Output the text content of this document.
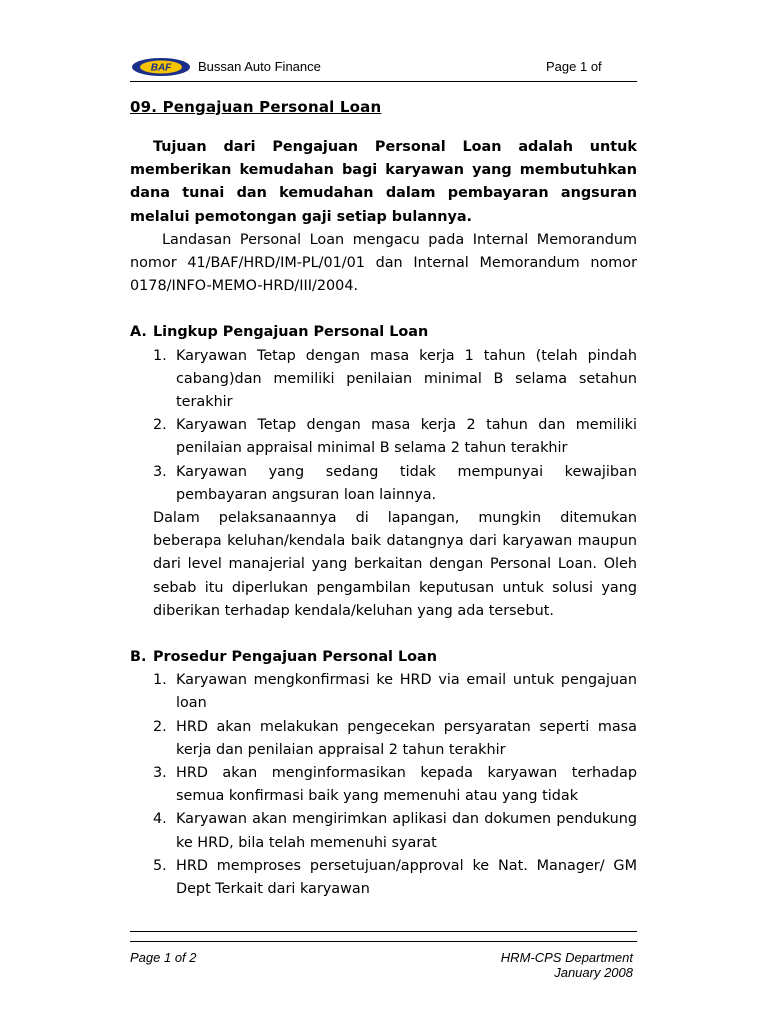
BAF Bussan Auto Finance	Page 1 of
09. Pengajuan Personal Loan

Tujuan dari Pengajuan Personal Loan adalah untuk memberikan kemudahan bagi karyawan yang membutuhkan dana tunai dan kemudahan dalam pembayaran angsuran melalui pemotongan gaji setiap bulannya.

Landasan Personal Loan mengacu pada Internal Memorandum nomor 41/BAF/HRD/IM-PL/01/01 dan Internal Memorandum nomor 0178/INFO-MEMO-HRD/III/2004.

A. Lingkup Pengajuan Personal Loan
1. Karyawan Tetap dengan masa kerja 1 tahun (telah pindah cabang)dan memiliki penilaian minimal B selama setahun terakhir
2. Karyawan Tetap dengan masa kerja 2 tahun dan memiliki penilaian appraisal minimal B selama 2 tahun terakhir
3. Karyawan yang sedang tidak mempunyai kewajiban pembayaran angsuran loan lainnya.

Dalam pelaksanaannya di lapangan, mungkin ditemukan beberapa keluhan/kendala baik datangnya dari karyawan maupun dari level manajerial yang berkaitan dengan Personal Loan. Oleh sebab itu diperlukan pengambilan keputusan untuk solusi yang diberikan terhadap kendala/keluhan yang ada tersebut.

B. Prosedur Pengajuan Personal Loan
1. Karyawan mengkonfirmasi ke HRD via email untuk pengajuan loan
2. HRD akan melakukan pengecekan persyaratan seperti masa kerja dan penilaian appraisal 2 tahun terakhir
3. HRD akan menginformasikan kepada karyawan terhadap semua konfirmasi baik yang memenuhi atau yang tidak
4. Karyawan akan mengirimkan aplikasi dan dokumen pendukung ke HRD, bila telah memenuhi syarat
5. HRD memproses persetujuan/approval ke Nat. Manager/ GM Dept Terkait dari karyawan
Page 1 of 2	HRM-CPS Department
January 2008
